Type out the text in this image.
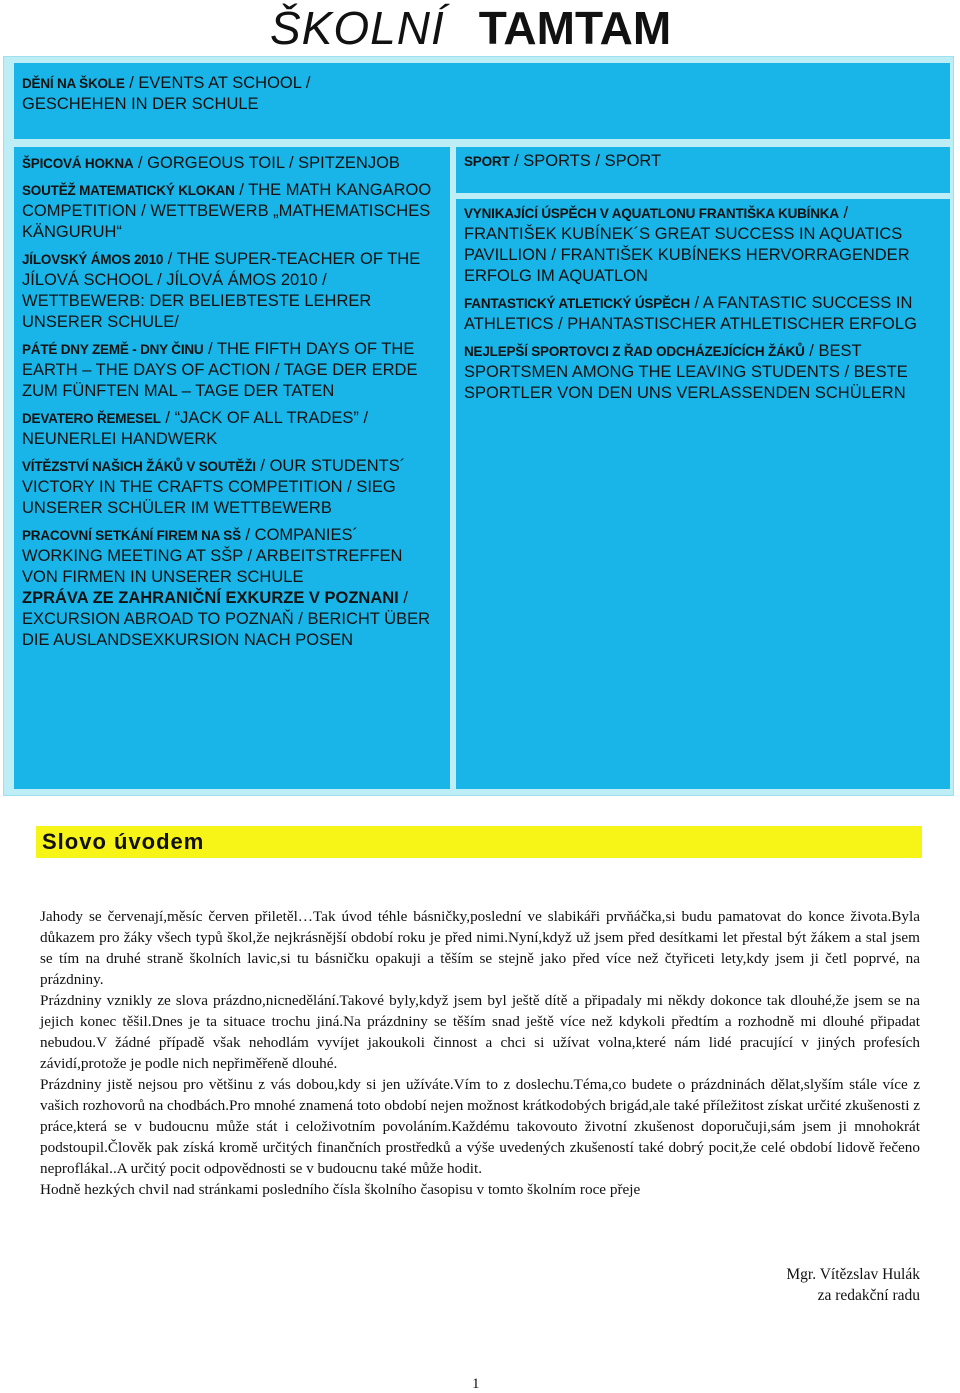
ŠKOLNÍ TAMTAM
DĚNÍ NA ŠKOLE / EVENTS AT SCHOOL /
GESCHEHEN IN DER SCHULE
ŠPICOVÁ HOKNA / GORGEOUS TOIL / SPITZENJOB
SOUTĚŽ MATEMATICKÝ KLOKAN / THE MATH KANGAROO COMPETITION / WETTBEWERB „MATHEMATISCHES KÄNGURUH“
JÍLOVSKÝ ÁMOS 2010 / THE SUPER-TEACHER OF THE JÍLOVÁ SCHOOL / JÍLOVÁ ÁMOS 2010 / WETTBEWERB: DER BELIEBTESTE LEHRER UNSERER SCHULE/
PÁTÉ DNY ZEMĚ - DNY ČINU / THE FIFTH DAYS OF THE EARTH – THE DAYS OF ACTION / TAGE DER ERDE ZUM FÜNFTEN MAL – TAGE DER TATEN
DEVATERO ŘEMESEL / “JACK OF ALL TRADES” / NEUNERLEI HANDWERK
VÍTĚZSTVÍ NAŠICH ŽÁKŮ V SOUTĚŽI / OUR STUDENTS´ VICTORY IN THE CRAFTS COMPETITION / SIEG UNSERER SCHÜLER IM WETTBEWERB
PRACOVNÍ SETKÁNÍ FIREM NA SŠ / COMPANIES´ WORKING MEETING AT SŠP / ARBEITSTREFFEN VON FIRMEN IN UNSERER SCHULE
ZPRÁVA ZE ZAHRANIČNÍ EXKURZE V POZNANI / EXCURSION ABROAD TO POZNAŇ / BERICHT ÜBER DIE AUSLANDSEXKURSION NACH POSEN
SPORT / SPORTS / SPORT
VYNIKAJÍCÍ ÚSPĚCH V AQUATLONU FRANTIŠKA KUBÍNKA / FRANTIŠEK KUBÍNEK´S GREAT SUCCESS IN AQUATICS PAVILLION / FRANTIŠEK KUBÍNEKS HERVORRAGENDER ERFOLG IM AQUATLON
FANTASTICKÝ ATLETICKÝ ÚSPĚCH / A FANTASTIC SUCCESS IN ATHLETICS / PHANTASTISCHER ATHLETISCHER ERFOLG
NEJLEPŠÍ SPORTOVCI Z ŘAD ODCHÁZEJÍCÍCH ŽÁKŮ / BEST SPORTSMEN AMONG THE LEAVING STUDENTS / BESTE SPORTLER VON DEN UNS VERLASSENDEN SCHÜLERN
Slovo úvodem

Jahody se červenají,měsíc červen přiletěl…Tak úvod téhle básničky,poslední ve slabikáři prvňáčka,si budu pamatovat do konce života.Byla důkazem pro žáky všech typů škol,že nejkrásnější období roku je před nimi.Nyní,když už jsem před desítkami let přestal být žákem a stal jsem se tím na druhé straně školních lavic,si tu básničku opakuji a těším se stejně jako před více než čtyřiceti lety,kdy jsem ji četl poprvé, na prázdniny.

Prázdniny vznikly ze slova prázdno,nicnedělání.Takové byly,když jsem byl ještě dítě a připadaly mi někdy dokonce tak dlouhé,že jsem se na jejich konec těšil.Dnes je ta situace trochu jiná.Na prázdniny se těším snad ještě více než kdykoli předtím a rozhodně mi dlouhé připadat nebudou.V žádné případě však nehodlám vyvíjet jakoukoli činnost a chci si užívat volna,které nám lidé pracující v jiných profesích závidí,protože je podle nich nepřiměřeně dlouhé.

Prázdniny jistě nejsou pro většinu z vás dobou,kdy si jen užíváte.Vím to z doslechu.Téma,co budete o prázdninách dělat,slyším stále více z vašich rozhovorů na chodbách.Pro mnohé znamená toto období nejen možnost krátkodobých brigád,ale také příležitost získat určité zkušenosti z práce,která se v budoucnu může stát i celoživotním povoláním.Každému takovouto životní zkušenost doporučuji,sám jsem ji mnohokrát podstoupil.Člověk pak získá kromě určitých finančních prostředků a výše uvedených zkušeností také dobrý pocit,že celé období lidově řečeno neproflákal..A určitý pocit odpovědnosti se v budoucnu také může hodit.

Hodně hezkých chvil nad stránkami posledního čísla školního časopisu v tomto školním roce přeje

Mgr. Vítězslav Hulák
za redakční radu
1
